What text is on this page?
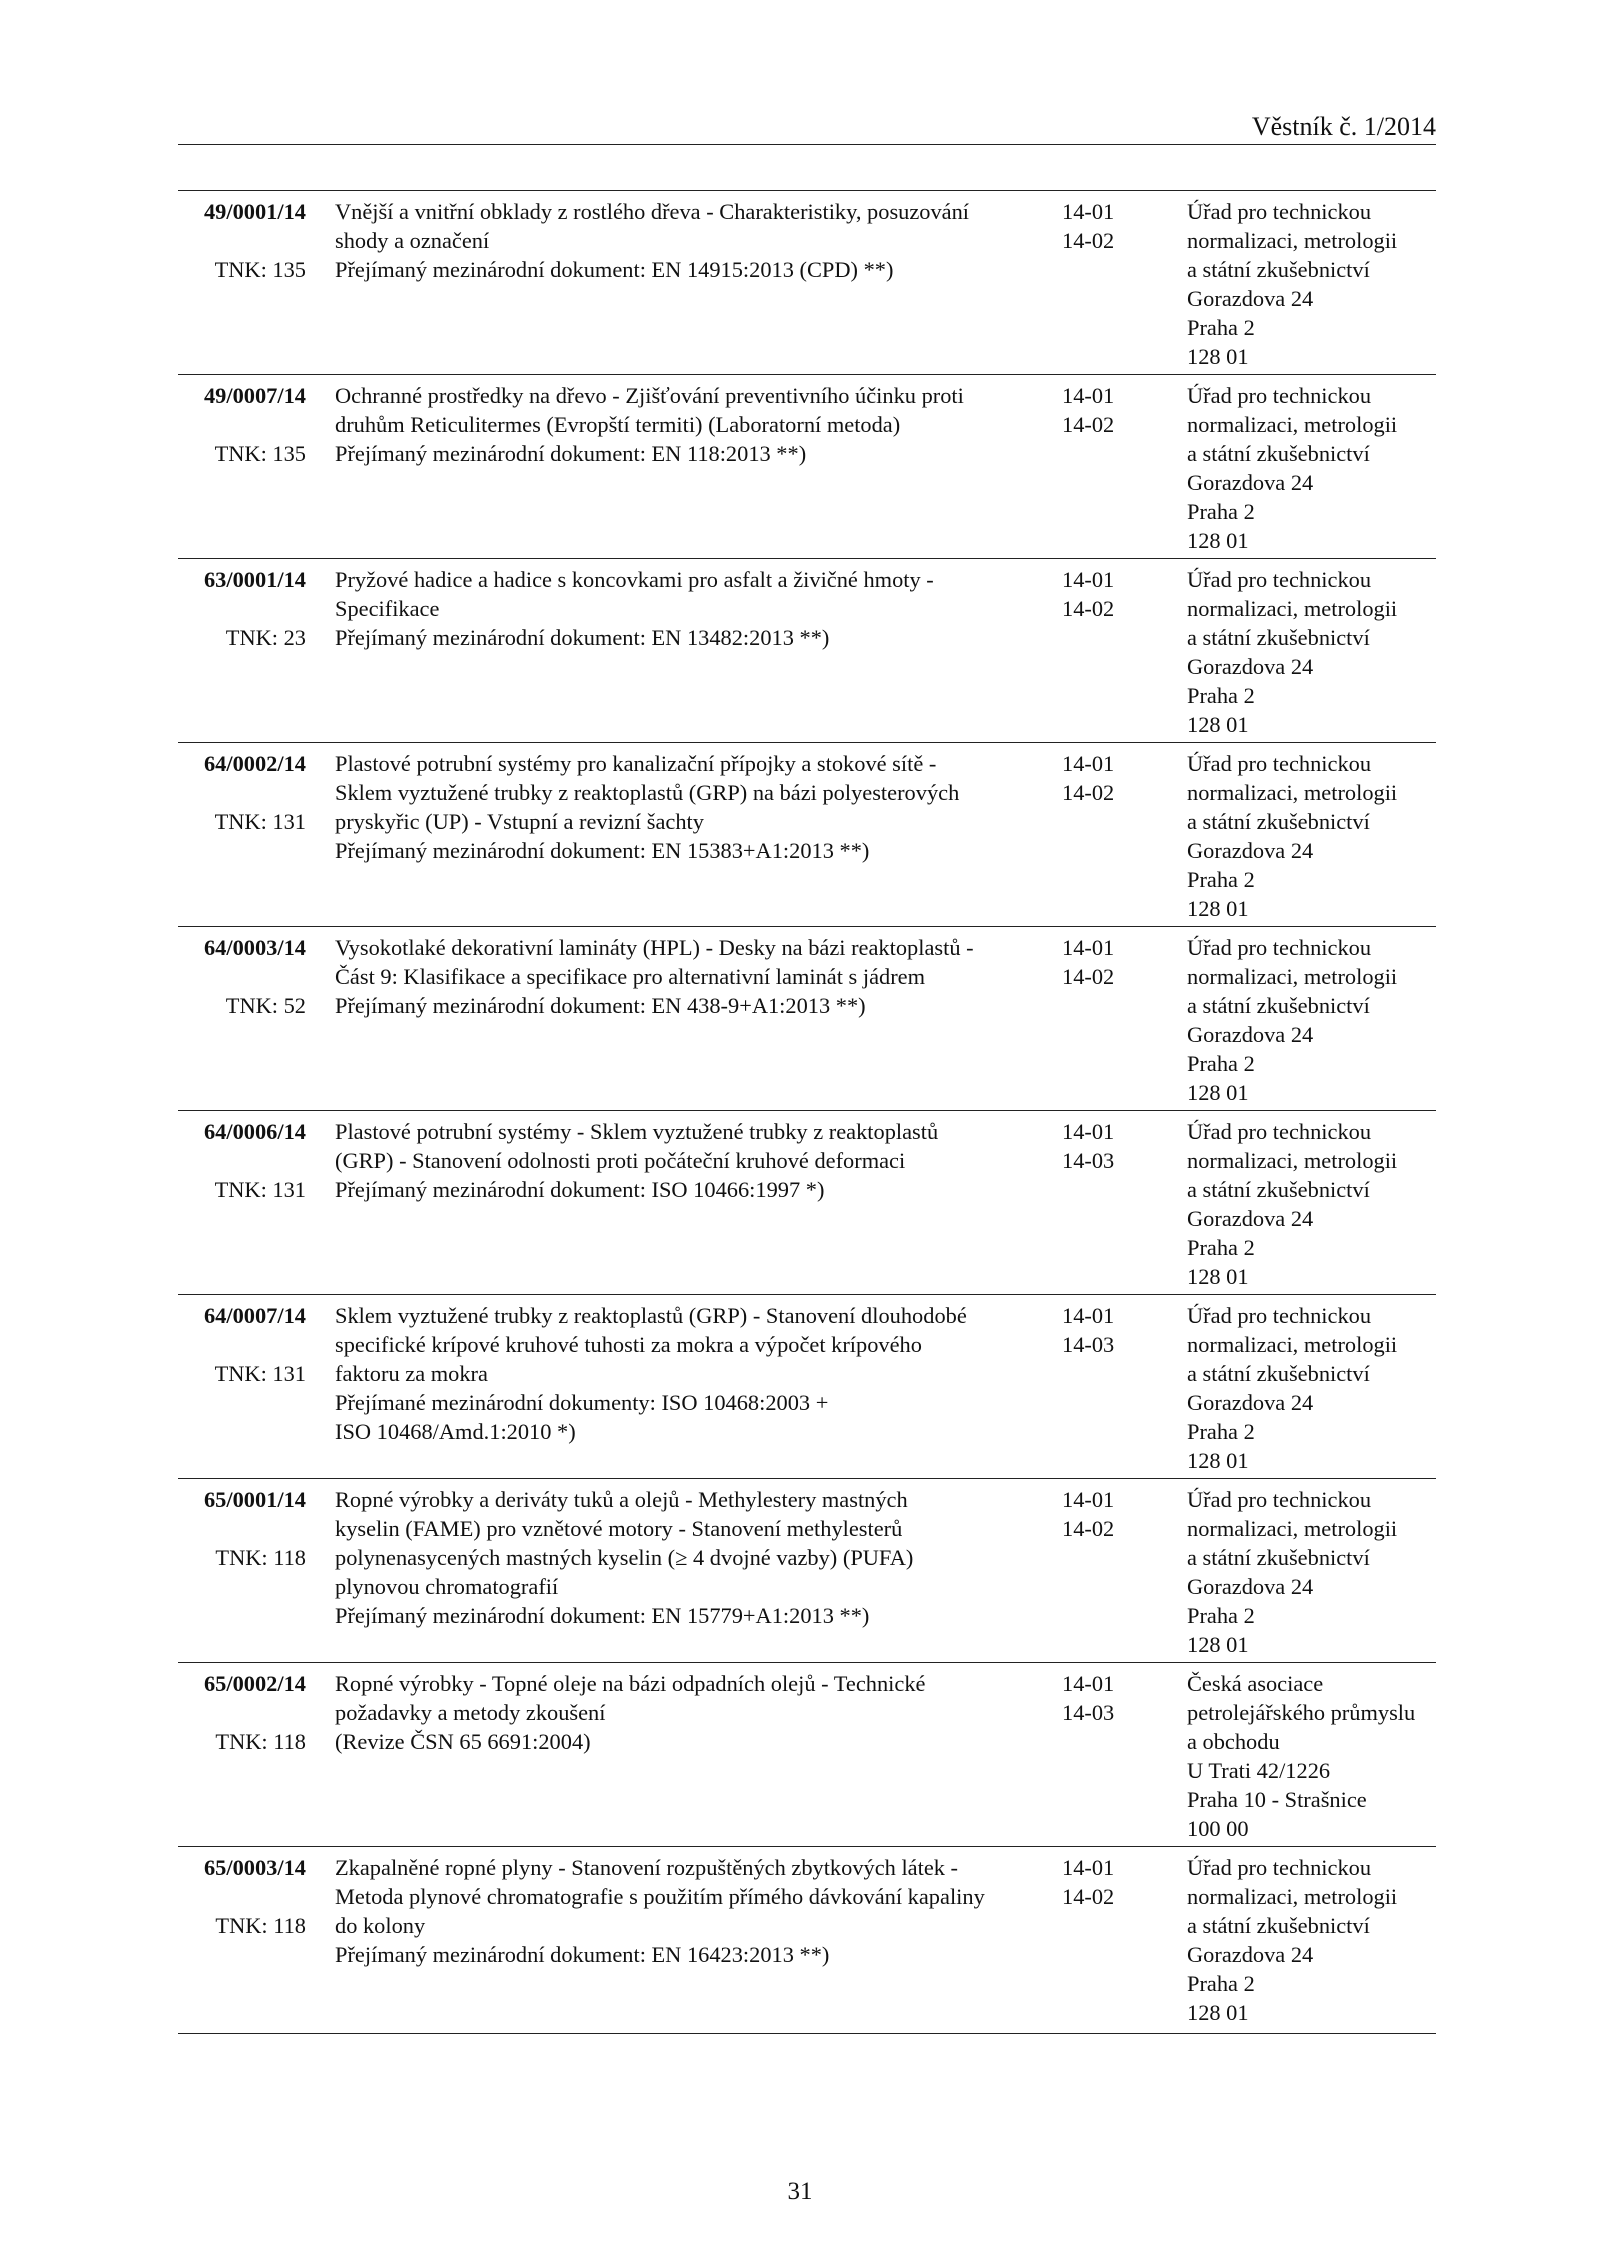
Věstník č. 1/2014
49/0001/14
TNK: 135
Vnější a vnitřní obklady z rostlého dřeva - Charakteristiky, posuzování
shody a označení
Přejímaný mezinárodní dokument: EN 14915:2013 (CPD) **)
14-01
14-02
Úřad pro technickou
normalizaci, metrologii
a státní zkušebnictví
Gorazdova 24
Praha 2
128 01
49/0007/14
TNK: 135
Ochranné prostředky na dřevo - Zjišťování preventivního účinku proti
druhům Reticulitermes (Evropští termiti) (Laboratorní metoda)
Přejímaný mezinárodní dokument: EN 118:2013 **)
14-01
14-02
Úřad pro technickou
normalizaci, metrologii
a státní zkušebnictví
Gorazdova 24
Praha 2
128 01
63/0001/14
TNK: 23
Pryžové hadice a hadice s koncovkami pro asfalt a živičné hmoty -
Specifikace
Přejímaný mezinárodní dokument: EN 13482:2013 **)
14-01
14-02
Úřad pro technickou
normalizaci, metrologii
a státní zkušebnictví
Gorazdova 24
Praha 2
128 01
64/0002/14
TNK: 131
Plastové potrubní systémy pro kanalizační přípojky a stokové sítě -
Sklem vyztužené trubky z reaktoplastů (GRP) na bázi polyesterových
pryskyřic (UP) - Vstupní a revizní šachty
Přejímaný mezinárodní dokument: EN 15383+A1:2013 **)
14-01
14-02
Úřad pro technickou
normalizaci, metrologii
a státní zkušebnictví
Gorazdova 24
Praha 2
128 01
64/0003/14
TNK: 52
Vysokotlaké dekorativní lamináty (HPL) - Desky na bázi reaktoplastů -
Část 9: Klasifikace a specifikace pro alternativní laminát s jádrem
Přejímaný mezinárodní dokument: EN 438-9+A1:2013 **)
14-01
14-02
Úřad pro technickou
normalizaci, metrologii
a státní zkušebnictví
Gorazdova 24
Praha 2
128 01
64/0006/14
TNK: 131
Plastové potrubní systémy - Sklem vyztužené trubky z reaktoplastů
(GRP) - Stanovení odolnosti proti počáteční kruhové deformaci
Přejímaný mezinárodní dokument: ISO 10466:1997 *)
14-01
14-03
Úřad pro technickou
normalizaci, metrologii
a státní zkušebnictví
Gorazdova 24
Praha 2
128 01
64/0007/14
TNK: 131
Sklem vyztužené trubky z reaktoplastů (GRP) - Stanovení dlouhodobé
specifické krípové kruhové tuhosti za mokra a výpočet krípového
faktoru za mokra
Přejímané mezinárodní dokumenty: ISO 10468:2003 +
ISO 10468/Amd.1:2010 *)
14-01
14-03
Úřad pro technickou
normalizaci, metrologii
a státní zkušebnictví
Gorazdova 24
Praha 2
128 01
65/0001/14
TNK: 118
Ropné výrobky a deriváty tuků a olejů - Methylestery mastných
kyselin (FAME) pro vznětové motory - Stanovení methylesterů
polynenasycených mastných kyselin (≥ 4 dvojné vazby) (PUFA)
plynovou chromatografií
Přejímaný mezinárodní dokument: EN 15779+A1:2013 **)
14-01
14-02
Úřad pro technickou
normalizaci, metrologii
a státní zkušebnictví
Gorazdova 24
Praha 2
128 01
65/0002/14
TNK: 118
Ropné výrobky - Topné oleje na bázi odpadních olejů - Technické
požadavky a metody zkoušení
(Revize ČSN 65 6691:2004)
14-01
14-03
Česká asociace
petrolejářského průmyslu
a obchodu
U Trati 42/1226
Praha 10 - Strašnice
100 00
65/0003/14
TNK: 118
Zkapalněné ropné plyny - Stanovení rozpuštěných zbytkových látek -
Metoda plynové chromatografie s použitím přímého dávkování kapaliny
do kolony
Přejímaný mezinárodní dokument: EN 16423:2013 **)
14-01
14-02
Úřad pro technickou
normalizaci, metrologii
a státní zkušebnictví
Gorazdova 24
Praha 2
128 01
31
